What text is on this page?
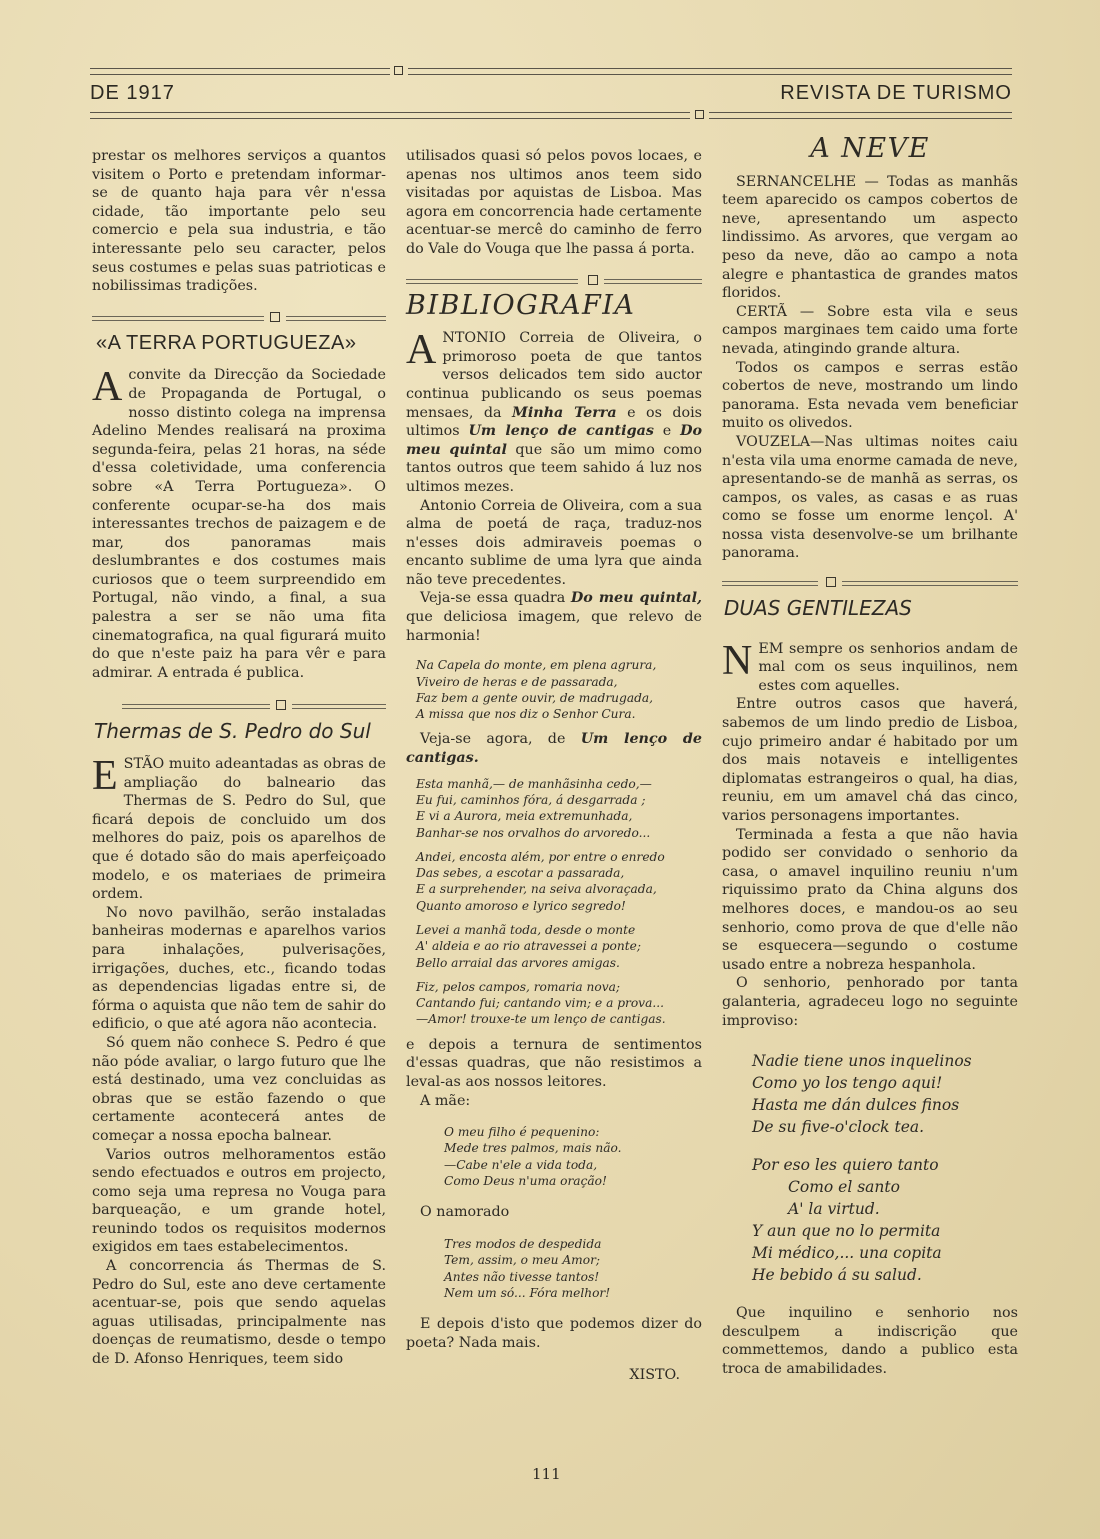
DE 1917	REVISTA DE TURISMO

prestar os melhores serviços a quantos visitem o Porto e pretendam informar-se de quanto haja para vêr n'essa cidade, tão importante pelo seu comercio e pela sua industria, e tão interessante pelo seu caracter, pelos seus costumes e pelas suas patrioticas e nobilissimas tradições.

«A TERRA PORTUGUEZA»

Aconvite da Direcção da Sociedade de Propaganda de Portugal, o nosso distinto colega na imprensa Adelino Mendes realisará na proxima segunda-feira, pelas 21 horas, na séde d'essa coletividade, uma conferencia sobre «A Terra Portugueza». O conferente ocupar-se-ha dos mais interessantes trechos de paizagem e de mar, dos panoramas mais deslumbrantes e dos costumes mais curiosos que o teem surpreendido em Portugal, não vindo, a final, a sua palestra a ser se não uma fita cinematografica, na qual figurará muito do que n'este paiz ha para vêr e para admirar. A entrada é publica.

Thermas de S. Pedro do Sul

ESTÃO muito adeantadas as obras de ampliação do balneario das Thermas de S. Pedro do Sul, que ficará depois de concluido um dos melhores do paiz, pois os aparelhos de que é dotado são do mais aperfeiçoado modelo, e os materiaes de primeira ordem.

No novo pavilhão, serão instaladas banheiras modernas e aparelhos varios para inhalações, pulverisações, irrigações, duches, etc., ficando todas as dependencias ligadas entre si, de fórma o aquista que não tem de sahir do edificio, o que até agora não acontecia.

Só quem não conhece S. Pedro é que não póde avaliar, o largo futuro que lhe está destinado, uma vez concluidas as obras que se estão fazendo o que certamente acontecerá antes de começar a nossa epocha balnear.

Varios outros melhoramentos estão sendo efectuados e outros em projecto, como seja uma represa no Vouga para barqueação, e um grande hotel, reunindo todos os requisitos modernos exigidos em taes estabelecimentos.

A concorrencia ás Thermas de S. Pedro do Sul, este ano deve certamente acentuar-se, pois que sendo aquelas aguas utilisadas, principalmente nas doenças de reumatismo, desde o tempo de D. Afonso Henriques, teem sido

utilisados quasi só pelos povos locaes, e apenas nos ultimos anos teem sido visitadas por aquistas de Lisboa. Mas agora em concorrencia hade certamente acentuar-se mercê do caminho de ferro do Vale do Vouga que lhe passa á porta.

BIBLIOGRAFIA

ANTONIO Correia de Oliveira, o primoroso poeta de que tantos versos delicados tem sido auctor continua publicando os seus poemas mensaes, da Minha Terra e os dois ultimos Um lenço de cantigas e Do meu quintal que são um mimo como tantos outros que teem sahido á luz nos ultimos mezes.

Antonio Correia de Oliveira, com a sua alma de poetá de raça, traduz-nos n'esses dois admiraveis poemas o encanto sublime de uma lyra que ainda não teve precedentes.

Veja-se essa quadra Do meu quintal, que deliciosa imagem, que relevo de harmonia!

Na Capela do monte, em plena agrura,
Viveiro de heras e de passarada,
Faz bem a gente ouvir, de madrugada,
A missa que nos diz o Senhor Cura.

Veja-se agora, de Um lenço de cantigas.

Esta manhã,— de manhãsinha cedo,—
Eu fui, caminhos fóra, á desgarrada ;
E vi a Aurora, meia extremunhada,
Banhar-se nos orvalhos do arvoredo...
Andei, encosta além, por entre o enredo
Das sebes, a escotar a passarada,
E a surprehender, na seiva alvoraçada,
Quanto amoroso e lyrico segredo!
Levei a manhã toda, desde o monte
A' aldeia e ao rio atravessei a ponte;
Bello arraial das arvores amigas.
Fiz, pelos campos, romaria nova;
Cantando fui; cantando vim; e a prova...
—Amor! trouxe-te um lenço de cantigas.

e depois a ternura de sentimentos d'essas quadras, que não resistimos a leval-as aos nossos leitores.

A mãe:

O meu filho é pequenino:
Mede tres palmos, mais não.
—Cabe n'ele a vida toda,
Como Deus n'uma oração!

O namorado

Tres modos de despedida
Tem, assim, o meu Amor;
Antes não tivesse tantos!
Nem um só... Fóra melhor!

E depois d'isto que podemos dizer do poeta? Nada mais.

XISTO.
A NEVE

SERNANCELHE — Todas as manhãs teem aparecido os campos cobertos de neve, apresentando um aspecto lindissimo. As arvores, que vergam ao peso da neve, dão ao campo a nota alegre e phantastica de grandes matos floridos.

CERTÃ — Sobre esta vila e seus campos marginaes tem caido uma forte nevada, atingindo grande altura.

Todos os campos e serras estão cobertos de neve, mostrando um lindo panorama. Esta nevada vem beneficiar muito os olivedos.

VOUZELA—Nas ultimas noites caiu n'esta vila uma enorme camada de neve, apresentando-se de manhã as serras, os campos, os vales, as casas e as ruas como se fosse um enorme lençol. A' nossa vista desenvolve-se um brilhante panorama.

DUAS GENTILEZAS

NEM sempre os senhorios andam de mal com os seus inquilinos, nem estes com aquelles.

Entre outros casos que haverá, sabemos de um lindo predio de Lisboa, cujo primeiro andar é habitado por um dos mais notaveis e intelligentes diplomatas estrangeiros o qual, ha dias, reuniu, em um amavel chá das cinco, varios personagens importantes.

Terminada a festa a que não havia podido ser convidado o senhorio da casa, o amavel inquilino reuniu n'um riquissimo prato da China alguns dos melhores doces, e mandou-os ao seu senhorio, como prova de que d'elle não se esquecera—segundo o costume usado entre a nobreza hespanhola.

O senhorio, penhorado por tanta galanteria, agradeceu logo no seguinte improviso:

Nadie tiene unos inquelinos
Como yo los tengo aqui!
Hasta me dán dulces finos
De su five-o'clock tea.
Por eso les quiero tanto
Como el santo
A' la virtud.
Y aun que no lo permita
Mi médico,... una copita
He bebido á su salud.

Que inquilino e senhorio nos desculpem a indiscrição que commettemos, dando a publico esta troca de amabilidades.

111
